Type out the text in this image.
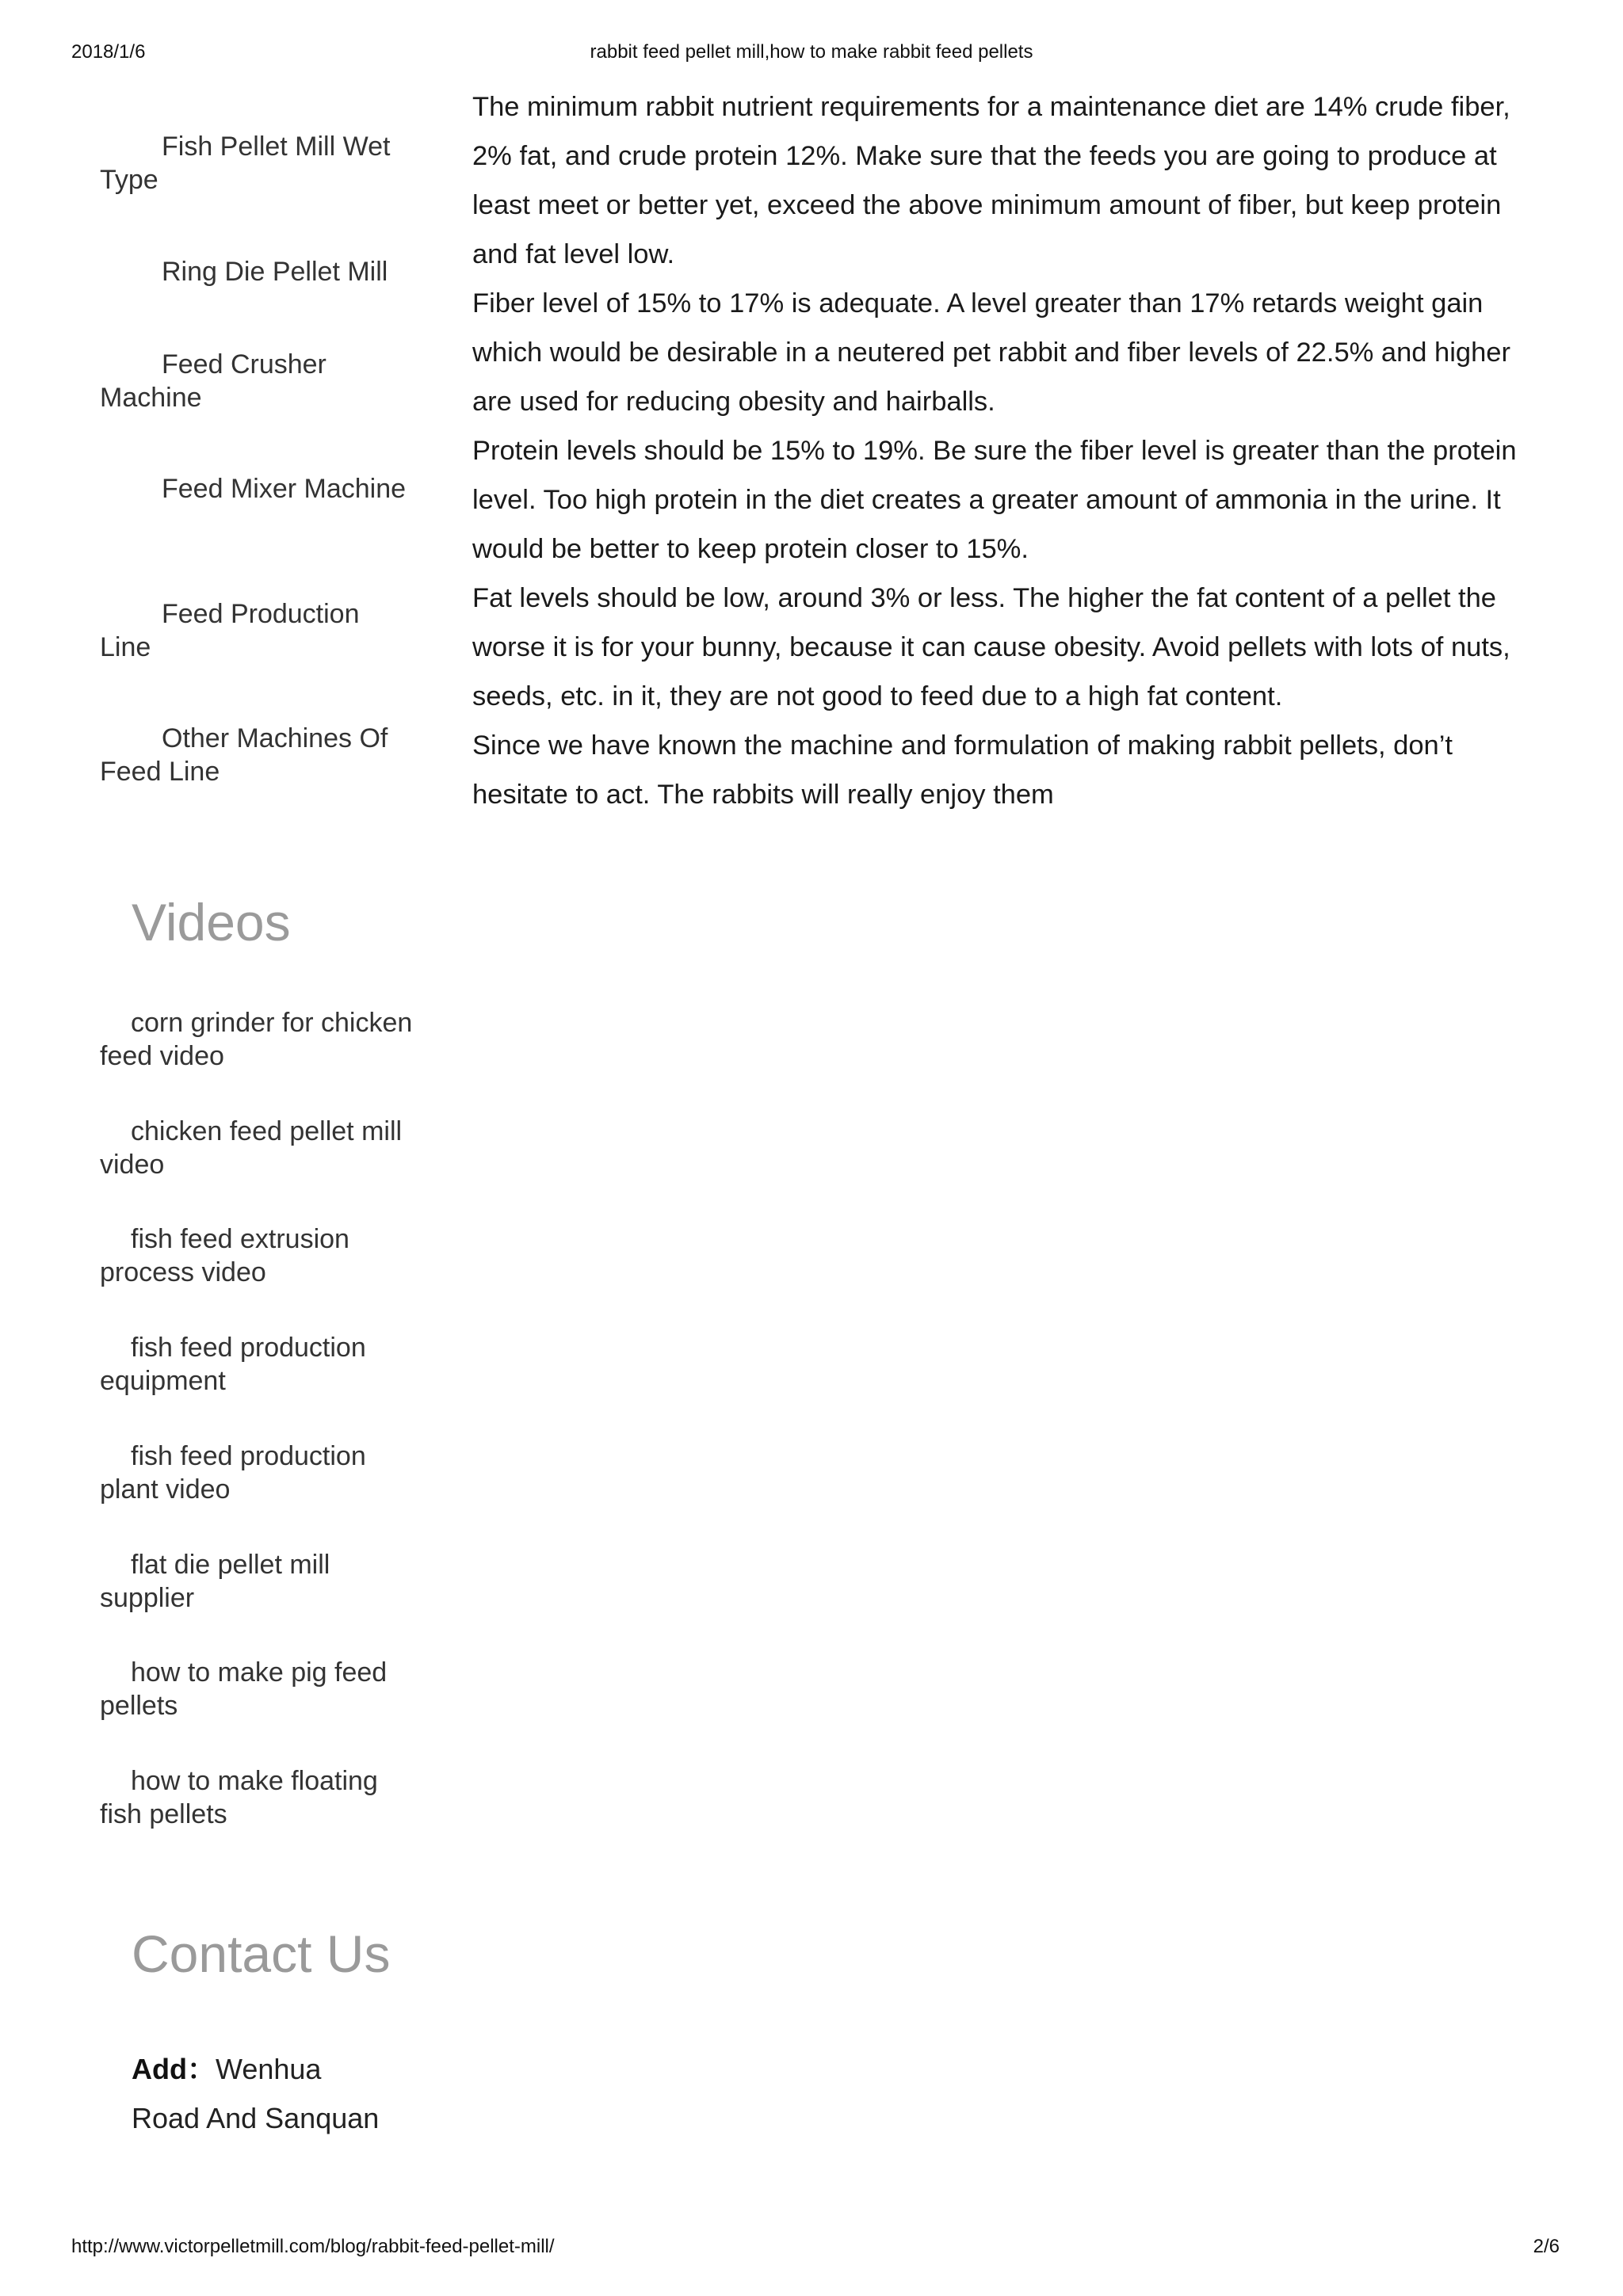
2018/1/6	rabbit feed pellet mill,how to make rabbit feed pellets
Fish Pellet Mill Wet Type
Ring Die Pellet Mill
Feed Crusher Machine
Feed Mixer Machine
Feed Production Line
Other Machines Of Feed Line
Videos
corn grinder for chicken feed video
chicken feed pellet mill video
fish feed extrusion process video
fish feed production equipment
fish feed production plant video
flat die pellet mill supplier
how to make pig feed pellets
how to make floating fish pellets
Contact Us
Add：Wenhua
Road And Sanquan

The minimum rabbit nutrient requirements for a maintenance diet are 14% crude fiber, 2% fat, and crude protein 12%. Make sure that the feeds you are going to produce at least meet or better yet, exceed the above minimum amount of fiber, but keep protein and fat level low.

Fiber level of 15% to 17% is adequate. A level greater than 17% retards weight gain which would be desirable in a neutered pet rabbit and fiber levels of 22.5% and higher are used for reducing obesity and hairballs.

Protein levels should be 15% to 19%. Be sure the fiber level is greater than the protein level. Too high protein in the diet creates a greater amount of ammonia in the urine. It would be better to keep protein closer to 15%.

Fat levels should be low, around 3% or less. The higher the fat content of a pellet the worse it is for your bunny, because it can cause obesity. Avoid pellets with lots of nuts, seeds, etc. in it, they are not good to feed due to a high fat content.

Since we have known the machine and formulation of making rabbit pellets, don’t hesitate to act. The rabbits will really enjoy them

http://www.victorpelletmill.com/blog/rabbit-feed-pellet-mill/	2/6
